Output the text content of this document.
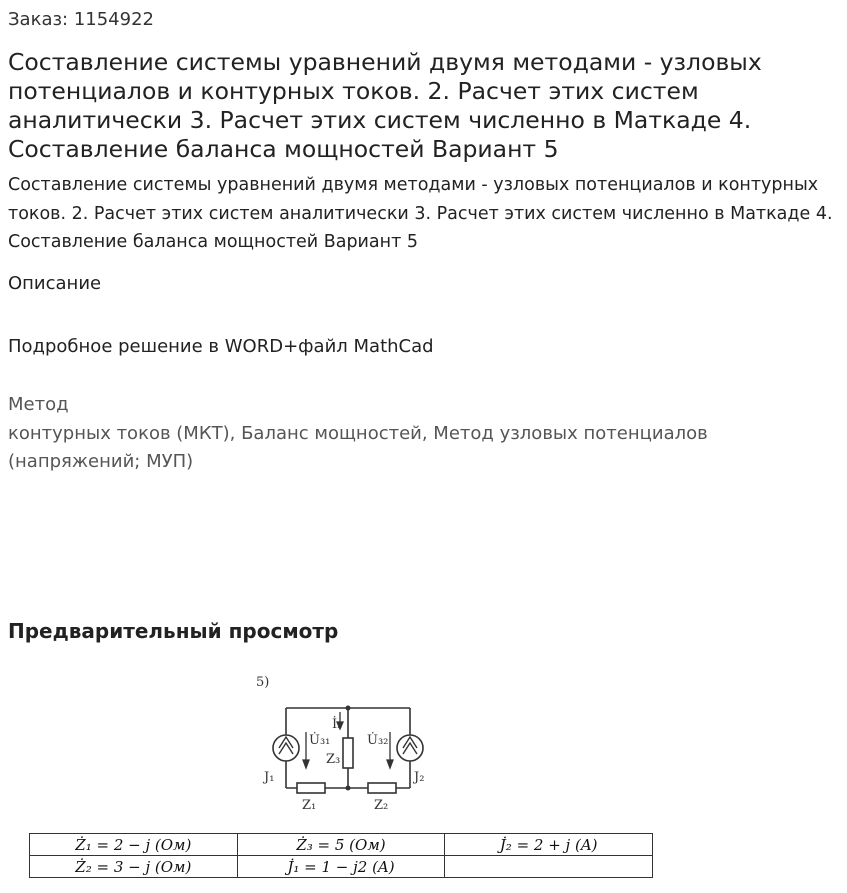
Заказ: 1154922

Составление системы уравнений двумя методами - узловых потенциалов и контурных токов. 2. Расчет этих систем аналитически 3. Расчет этих систем численно в Маткаде 4. Составление баланса мощностей Вариант 5

Составление системы уравнений двумя методами - узловых потенциалов и контурных токов. 2. Расчет этих систем аналитически 3. Расчет этих систем численно в Маткаде 4. Составление баланса мощностей Вариант 5

Описание

Подробное решение в WORD+файл MathCad

Метод
контурных токов (МКТ), Баланс мощностей, Метод узловых потенциалов (напряжений; МУП)
Предварительный просмотр
5)
U̇₃₁	U̇₃₂
İ₃
Z₃
Z₁	Z₂
Ј₁	Ј₂
Ż₁ = 2 − j (Ом)	Ż₃ = 5 (Ом)	J̇₂ = 2 + j (A)
Ż₂ = 3 − j (Ом)	J̇₁ = 1 − j2 (A)	
